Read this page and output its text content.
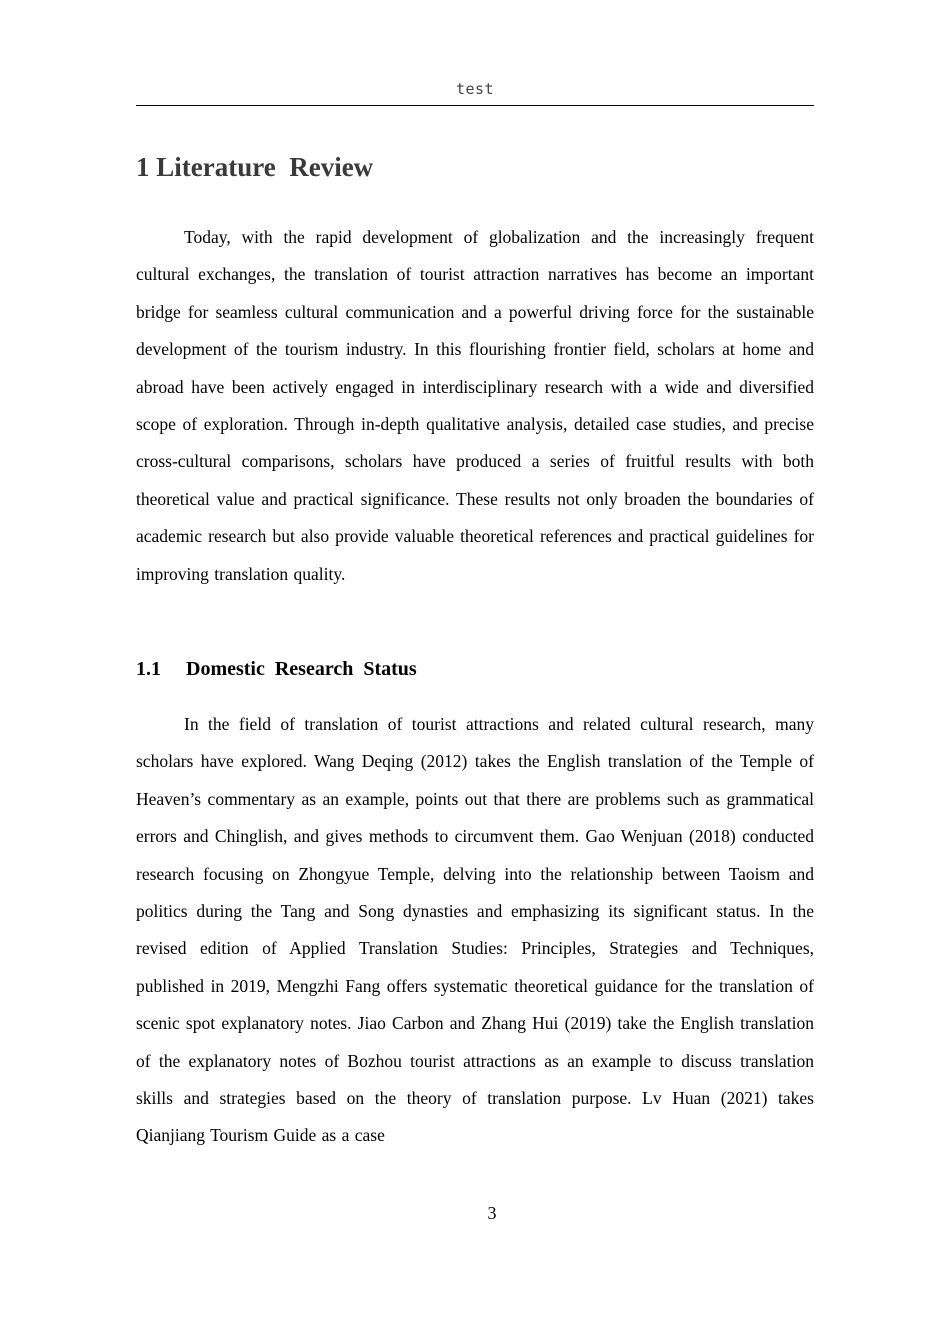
test
1 Literature  Review

Today, with the rapid development of globalization and the increasingly frequent cultural exchanges, the translation of tourist attraction narratives has become an important bridge for seamless cultural communication and a powerful driving force for the sustainable development of the tourism industry. In this flourishing frontier field, scholars at home and abroad have been actively engaged in interdisciplinary research with a wide and diversified scope of exploration. Through in-depth qualitative analysis, detailed case studies, and precise cross-cultural comparisons, scholars have produced a series of fruitful results with both theoretical value and practical significance. These results not only broaden the boundaries of academic research but also provide valuable theoretical references and practical guidelines for improving translation quality.

1.1 Domestic  Research  Status

In the field of translation of tourist attractions and related cultural research, many scholars have explored. Wang Deqing (2012) takes the English translation of the Temple of Heaven’s commentary as an example, points out that there are problems such as grammatical errors and Chinglish, and gives methods to circumvent them. Gao Wenjuan (2018) conducted research focusing on Zhongyue Temple, delving into the relationship between Taoism and politics during the Tang and Song dynasties and emphasizing its significant status. In the revised edition of Applied Translation Studies: Principles, Strategies and Techniques, published in 2019, Mengzhi Fang offers systematic theoretical guidance for the translation of scenic spot explanatory notes. Jiao Carbon and Zhang Hui (2019) take the English translation of the explanatory notes of Bozhou tourist attractions as an example to discuss translation skills and strategies based on the theory of translation purpose. Lv Huan (2021) takes Qianjiang Tourism Guide as a case

3
